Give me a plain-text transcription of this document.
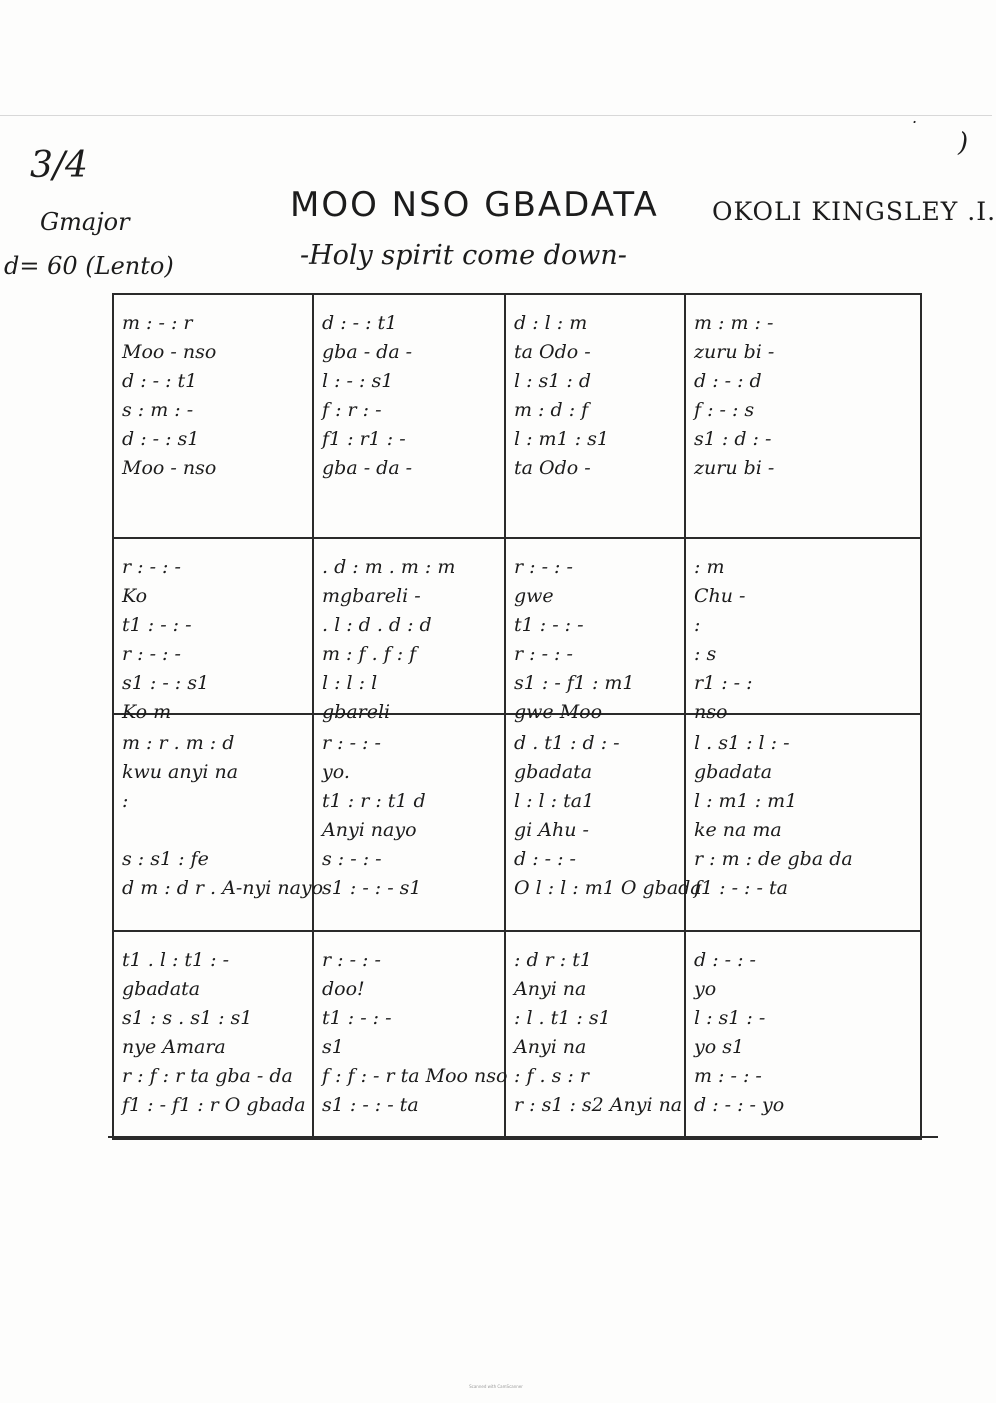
.
)
3/4
Gmajor
d= 60 (Lento)
MOO NSO GBADATA
-Holy spirit come down-
OKOLI KINGSLEY .I.
m : - : r
Moo - nso
d : - : t1
s : m : -
d : - : s1
Moo - nso
d : - : t1
gba - da -
l : - : s1
f : r : -
f1 : r1 : -
gba - da -
d : l : m
ta Odo -
l : s1 : d
m : d : f
l : m1 : s1
ta Odo -
m : m : -
zuru bi -
d : - : d
f : - : s
s1 : d : -
zuru bi -
r : - : -
Ko
t1 : - : -
r : - : -
s1 : - : s1
Ko m
. d : m . m : m
mgbareli -
. l : d . d : d
m : f . f : f
l : l : l
gbareli
r : - : -
gwe
t1 : - : -
r : - : -
s1 : - f1 : m1
gwe Moo
: m
Chu -
:
: s
r1 : - :
nso
m : r . m : d
kwu anyi na
:
s : s1 : fe
d m : d r . A-nyi nayo
r : - : -
yo.
t1 : r : t1 d
Anyi nayo
s : - : -
s1 : - : - s1
d . t1 : d : -
gbadata
l : l : ta1
gi Ahu -
d : - : -
O l : l : m1 O gbada
l . s1 : l : -
gbadata
l : m1 : m1
ke na ma
r : m : de gba da
f1 : - : - ta
t1 . l : t1 : -
gbadata
s1 : s . s1 : s1
nye Amara
r : f : r ta gba - da
f1 : - f1 : r O gbada
r : - : -
doo!
t1 : - : -
s1
f : f : - r ta Moo nso
s1 : - : - ta
: d r : t1
Anyi na
: l . t1 : s1
Anyi na
: f . s : r
r : s1 : s2 Anyi na
d : - : -
yo
l : s1 : -
yo s1
m : - : -
d : - : - yo
Scanned with CamScanner
